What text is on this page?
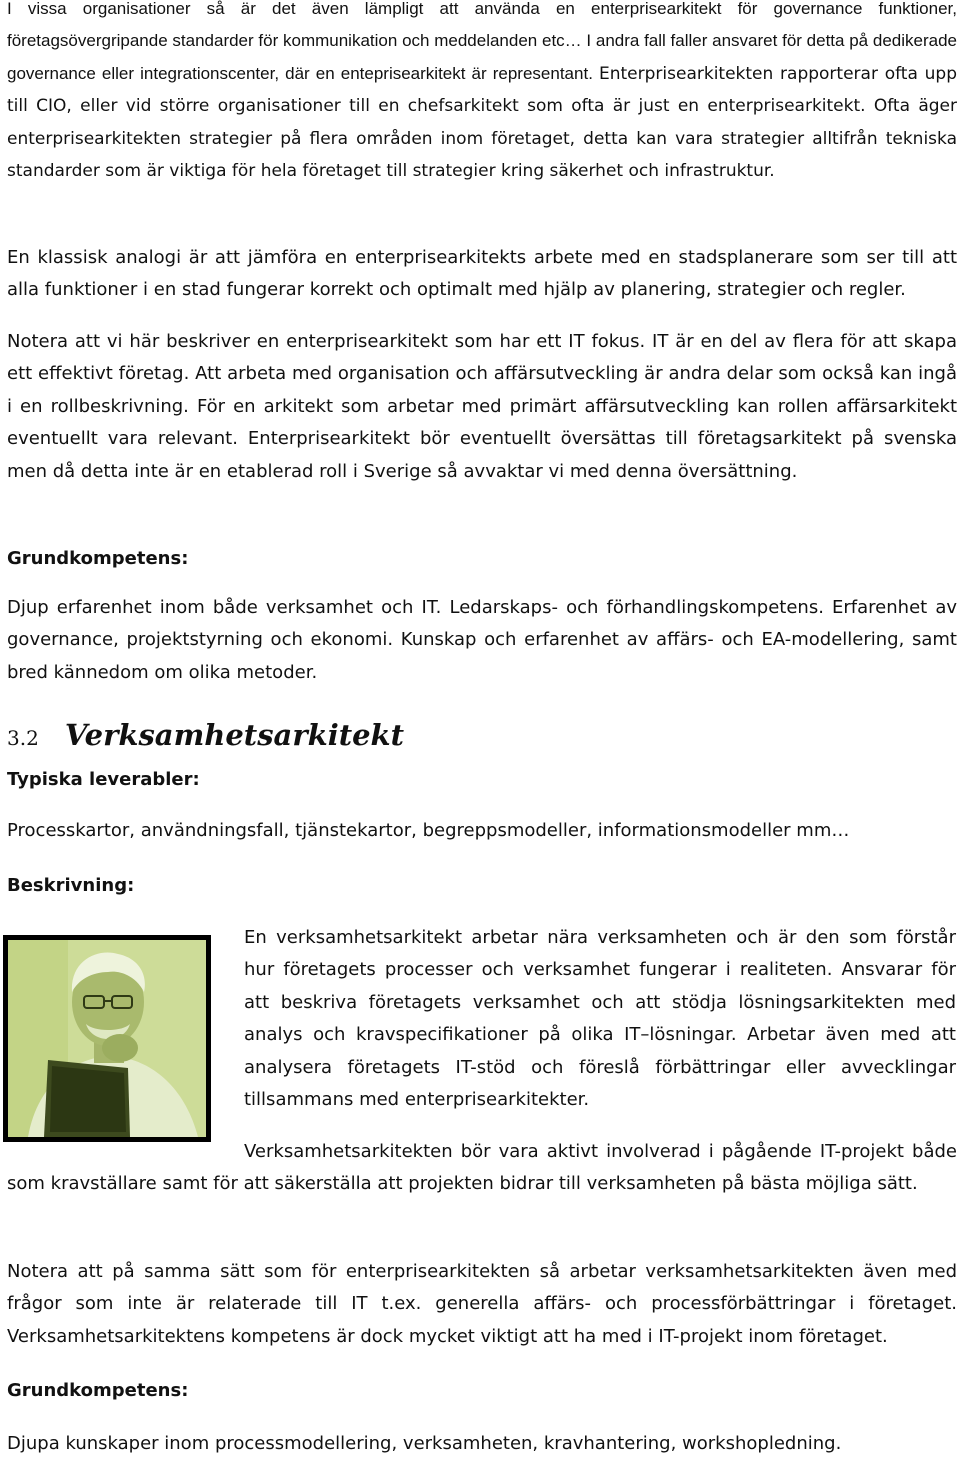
I vissa organisationer så är det även lämpligt att använda en enterprisearkitekt för governance funktioner, företagsövergripande standarder för kommunikation och meddelanden etc… I andra fall faller ansvaret för detta på dedikerade governance eller integrationscenter, där en enteprisearkitekt är representant. Enterprisearkitekten rapporterar ofta upp till CIO, eller vid större organisationer till en chefsarkitekt som ofta är just en enterprisearkitekt. Ofta äger enterprisearkitekten strategier på flera områden inom företaget, detta kan vara strategier alltifrån tekniska standarder som är viktiga för hela företaget till strategier kring säkerhet och infrastruktur.

En klassisk analogi är att jämföra en enterprisearkitekts arbete med en stadsplanerare som ser till att alla funktioner i en stad fungerar korrekt och optimalt med hjälp av planering, strategier och regler.

Notera att vi här beskriver en enterprisearkitekt som har ett IT fokus. IT är en del av flera för att skapa ett effektivt företag. Att arbeta med organisation och affärsutveckling är andra delar som också kan ingå i en rollbeskrivning. För en arkitekt som arbetar med primärt affärsutveckling kan rollen affärsarkitekt eventuellt vara relevant. Enterprisearkitekt bör eventuellt översättas till företagsarkitekt på svenska men då detta inte är en etablerad roll i Sverige så avvaktar vi med denna översättning.

Grundkompetens:

Djup erfarenhet inom både verksamhet och IT. Ledarskaps- och förhandlingskompetens. Erfarenhet av governance, projektstyrning och ekonomi. Kunskap och erfarenhet av affärs- och EA-modellering, samt bred kännedom om olika metoder.

3.2 Verksamhetsarkitekt
Typiska leverabler:

Processkartor, användningsfall, tjänstekartor, begreppsmodeller, informationsmodeller mm…

Beskrivning:

En verksamhetsarkitekt arbetar nära verksamheten och är den som förstår hur företagets processer och verksamhet fungerar i realiteten. Ansvarar för att beskriva företagets verksamhet och att stödja lösningsarkitekten med analys och kravspecifikationer på olika IT–lösningar. Arbetar även med att analysera företagets IT-stöd och föreslå förbättringar eller avvecklingar tillsammans med enterprisearkitekter.

Verksamhetsarkitekten bör vara aktivt involverad i pågående IT-projekt både som kravställare samt för att säkerställa att projekten bidrar till verksamheten på bästa möjliga sätt.

Notera att på samma sätt som för enterprisearkitekten så arbetar verksamhetsarkitekten även med frågor som inte är relaterade till IT t.ex. generella affärs- och processförbättringar i företaget. Verksamhetsarkitektens kompetens är dock mycket viktigt att ha med i IT-projekt inom företaget.

Grundkompetens:

Djupa kunskaper inom processmodellering, verksamheten, kravhantering, workshopledning.
